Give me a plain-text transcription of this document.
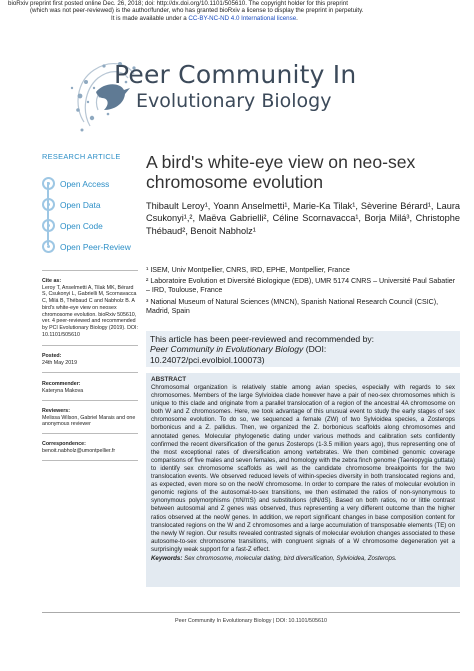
bioRxiv preprint first posted online Dec. 26, 2018; doi: http://dx.doi.org/10.1101/505610. The copyright holder for this preprint
(which was not peer-reviewed) is the author/funder, who has granted bioRxiv a license to display the preprint in perpetuity.
It is made available under a CC-BY-NC-ND 4.0 International license.
Peer Community In
Evolutionary Biology
RESEARCH ARTICLE
Open Access
Open Data
Open Code
Open Peer-Review
Cite as:
Leroy T, Anselmetti A, Tilak MK, Bérard S, Csukonyi L, Gabrielli M, Scornavacca C, Milá B, Thébaud C and Nabholz B. A bird's white-eye view on neosex chromosome evolution. bioRxiv 505610, ver. 4 peer-reviewed and recommended by PCI Evolutionary Biology (2019). DOI: 10.1101/505610
Posted:
24th May 2019
Recommender:
Kateryna Makova
Reviewers:
Melissa Wilson, Gabriel Marais and one anonymous reviewer
Correspondence:
benoit.nabholz@umontpellier.fr
A bird's white-eye view on neo-sex chromosome evolution
Thibault Leroy¹, Yoann Anselmetti¹, Marie-Ka Tilak¹, Sèverine Bérard¹, Laura Csukonyi¹,², Maëva Gabrielli², Céline Scornavacca¹, Borja Milá³, Christophe Thébaud², Benoit Nabholz¹

¹ ISEM, Univ Montpellier, CNRS, IRD, EPHE, Montpellier, France

² Laboratoire Evolution et Diversité Biologique (EDB), UMR 5174 CNRS – Université Paul Sabatier – IRD, Toulouse, France

³ National Museum of Natural Sciences (MNCN), Spanish National Research Council (CSIC), Madrid, Spain

This article has been peer-reviewed and recommended by:
Peer Community in Evolutionary Biology (DOI:
10.24072/pci.evolbiol.100073)
ABSTRACT
Chromosomal organization is relatively stable among avian species, especially with regards to sex chromosomes. Members of the large Sylvioidea clade however have a pair of neo-sex chromosomes which is unique to this clade and originate from a parallel translocation of a region of the ancestral 4A chromosome on both W and Z chromosomes. Here, we took advantage of this unusual event to study the early stages of sex chromosome evolution. To do so, we sequenced a female (ZW) of two Sylvioidea species, a Zosterops borbonicus and a Z. pallidus. Then, we organized the Z. borbonicus scaffolds along chromosomes and annotated genes. Molecular phylogenetic dating under various methods and calibration sets confidently confirmed the recent diversification of the genus Zosterops (1-3.5 million years ago), thus representing one of the most exceptional rates of diversification among vertebrates. We then combined genomic coverage comparisons of five males and seven females, and homology with the zebra finch genome (Taeniopygia guttata) to identify sex chromosome scaffolds as well as the candidate chromosome breakpoints for the two translocation events. We observed reduced levels of within-species diversity in both translocated regions and, as expected, even more so on the neoW chromosome. In order to compare the rates of molecular evolution in genomic regions of the autosomal-to-sex transitions, we then estimated the ratios of non-synonymous to synonymous polymorphisms (πN/πS) and substitutions (dN/dS). Based on both ratios, no or little contrast between autosomal and Z genes was observed, thus representing a very different outcome than the higher ratios observed at the neoW genes. In addition, we report significant changes in base composition content for translocated regions on the W and Z chromosomes and a large accumulation of transposable elements (TE) on the newly W region. Our results revealed contrasted signals of molecular evolution changes associated to these autosome-to-sex chromosome transitions, with congruent signals of a W chromosome degeneration yet a surprisingly weak support for a fast-Z effect.
Keywords: Sex chromosome, molecular dating, bird diversification, Sylvioidea, Zosterops.
Peer Community In Evolutionary Biology | DOI: 10.1101/505610
